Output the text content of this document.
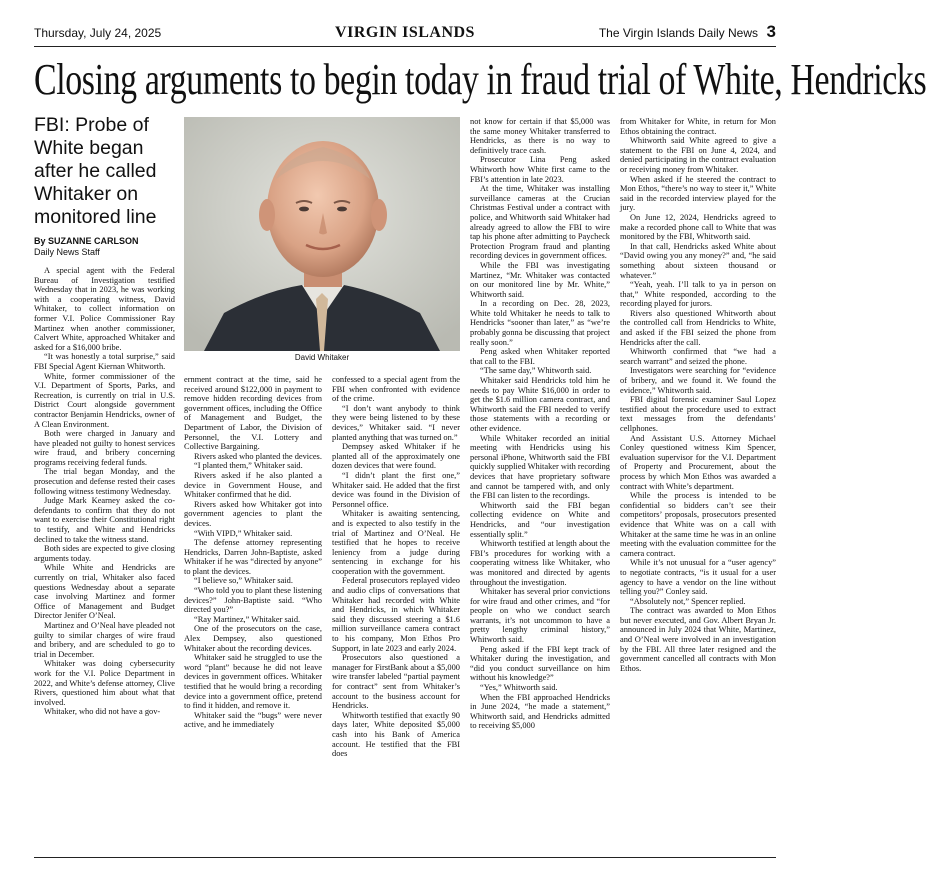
Thursday, July 24, 2025	VIRGIN ISLANDS	The Virgin Islands Daily News 3
Closing arguments to begin today in fraud trial of White, Hendricks
FBI: Probe of White began after he called Whitaker on monitored line
By SUZANNE CARLSON
Daily News Staff
David Whitaker

A special agent with the Federal Bureau of Investigation testified Wednesday that in 2023, he was working with a cooperating witness, David Whitaker, to collect information on former V.I. Police Commissioner Ray Martinez when another commissioner, Calvert White, approached Whitaker and asked for a $16,000 bribe.

“It was honestly a total surprise,” said FBI Special Agent Kiernan Whitworth.

White, former commissioner of the V.I. Department of Sports, Parks, and Recreation, is currently on trial in U.S. District Court alongside government contractor Benjamin Hendricks, owner of A Clean Environment.

Both were charged in January and have pleaded not guilty to honest services wire fraud, and bribery concerning programs receiving federal funds.

The trial began Monday, and the prosecution and defense rested their cases following witness testimony Wednesday.

Judge Mark Kearney asked the co-defendants to confirm that they do not want to exercise their Constitutional right to testify, and White and Hendricks declined to take the witness stand.

Both sides are expected to give closing arguments today.

While White and Hendricks are currently on trial, Whitaker also faced questions Wednesday about a separate case involving Martinez and former Office of Management and Budget Director Jenifer O’Neal.

Martinez and O’Neal have pleaded not guilty to similar charges of wire fraud and bribery, and are scheduled to go to trial in December.

Whitaker was doing cybersecurity work for the V.I. Police Department in 2022, and White’s defense attorney, Clive Rivers, questioned him about what that involved.

Whitaker, who did not have a gov-

ernment contract at the time, said he received around $122,000 in payment to remove hidden recording devices from government offices, including the Office of Management and Budget, the Department of Labor, the Division of Personnel, the V.I. Lottery and Collective Bargaining.

Rivers asked who planted the devices.

“I planted them,” Whitaker said.

Rivers asked if he also planted a device in Government House, and Whitaker confirmed that he did.

Rivers asked how Whitaker got into government agencies to plant the devices.

“With VIPD,” Whitaker said.

The defense attorney representing Hendricks, Darren John-Baptiste, asked Whitaker if he was “directed by anyone” to plant the devices.

“I believe so,” Whitaker said.

“Who told you to plant these listening devices?” John-Baptiste said. “Who directed you?”

“Ray Martinez,” Whitaker said.

One of the prosecutors on the case, Alex Dempsey, also questioned Whitaker about the recording devices.

Whitaker said he struggled to use the word “plant” because he did not leave devices in government offices. Whitaker testified that he would bring a recording device into a government office, pretend to find it hidden, and remove it.

Whitaker said the “bugs” were never active, and he immediately

confessed to a special agent from the FBI when confronted with evidence of the crime.

“I don’t want anybody to think they were being listened to by these devices,” Whitaker said. “I never planted anything that was turned on.”

Dempsey asked Whitaker if he planted all of the approximately one dozen devices that were found.

“I didn’t plant the first one,” Whitaker said. He added that the first device was found in the Division of Personnel office.

Whitaker is awaiting sentencing, and is expected to also testify in the trial of Martinez and O’Neal. He testified that he hopes to receive leniency from a judge during sentencing in exchange for his cooperation with the government.

Federal prosecutors replayed video and audio clips of conversations that Whitaker had recorded with White and Hendricks, in which Whitaker said they discussed steering a $1.6 million surveillance camera contract to his company, Mon Ethos Pro Support, in late 2023 and early 2024.

Prosecutors also questioned a manager for FirstBank about a $5,000 wire transfer labeled “partial payment for contract” sent from Whitaker’s account to the business account for Hendricks.

Whitworth testified that exactly 90 days later, White deposited $5,000 cash into his Bank of America account. He testified that the FBI does

not know for certain if that $5,000 was the same money Whitaker transferred to Hendricks, as there is no way to definitively trace cash.

Prosecutor Lina Peng asked Whitworth how White first came to the FBI’s attention in late 2023.

At the time, Whitaker was installing surveillance cameras at the Crucian Christmas Festival under a contract with police, and Whitworth said Whitaker had already agreed to allow the FBI to wire tap his phone after admitting to Paycheck Protection Program fraud and planting recording devices in government offices.

While the FBI was investigating Martinez, “Mr. Whitaker was contacted on our monitored line by Mr. White,” Whitworth said.

In a recording on Dec. 28, 2023, White told Whitaker he needs to talk to Hendricks “sooner than later,” as “we’re probably gonna be discussing that project really soon.”

Peng asked when Whitaker reported that call to the FBI.

“The same day,” Whitworth said.

Whitaker said Hendricks told him he needs to pay White $16,000 in order to get the $1.6 million camera contract, and Whitworth said the FBI needed to verify those statements with a recording or other evidence.

While Whitaker recorded an initial meeting with Hendricks using his personal iPhone, Whitworth said the FBI quickly supplied Whitaker with recording devices that have proprietary software and cannot be tampered with, and only the FBI can listen to the recordings.

Whitworth said the FBI began collecting evidence on White and Hendricks, and “our investigation essentially split.”

Whitworth testified at length about the FBI’s procedures for working with a cooperating witness like Whitaker, who was monitored and directed by agents throughout the investigation.

Whitaker has several prior convictions for wire fraud and other crimes, and “for people on who we conduct search warrants, it’s not uncommon to have a pretty lengthy criminal history,” Whitworth said.

Peng asked if the FBI kept track of Whitaker during the investigation, and “did you conduct surveillance on him without his knowledge?”

“Yes,” Whitworth said.

When the FBI approached Hendricks in June 2024, “he made a statement,” Whitworth said, and Hendricks admitted to receiving $5,000

from Whitaker for White, in return for Mon Ethos obtaining the contract.

Whitworth said White agreed to give a statement to the FBI on June 4, 2024, and denied participating in the contract evaluation or receiving money from Whitaker.

When asked if he steered the contract to Mon Ethos, “there’s no way to steer it,” White said in the recorded interview played for the jury.

On June 12, 2024, Hendricks agreed to make a recorded phone call to White that was monitored by the FBI, Whitworth said.

In that call, Hendricks asked White about “David owing you any money?” and, “he said something about sixteen thousand or whatever.”

“Yeah, yeah. I’ll talk to ya in person on that,” White responded, according to the recording played for jurors.

Rivers also questioned Whitworth about the controlled call from Hendricks to White, and asked if the FBI seized the phone from Hendricks after the call.

Whitworth confirmed that “we had a search warrant” and seized the phone.

Investigators were searching for “evidence of bribery, and we found it. We found the evidence,” Whitworth said.

FBI digital forensic examiner Saul Lopez testified about the procedure used to extract text messages from the defendants’ cellphones.

And Assistant U.S. Attorney Michael Conley questioned witness Kim Spencer, evaluation supervisor for the V.I. Department of Property and Procurement, about the process by which Mon Ethos was awarded a contract with White’s department.

While the process is intended to be confidential so bidders can’t see their competitors’ proposals, prosecutors presented evidence that White was on a call with Whitaker at the same time he was in an online meeting with the evaluation committee for the camera contract.

While it’s not unusual for a “user agency” to negotiate contracts, “is it usual for a user agency to have a vendor on the line without telling you?” Conley said.

“Absolutely not,” Spencer replied.

The contract was awarded to Mon Ethos but never executed, and Gov. Albert Bryan Jr. announced in July 2024 that White, Martinez, and O’Neal were involved in an investigation by the FBI. All three later resigned and the government cancelled all contracts with Mon Ethos.
